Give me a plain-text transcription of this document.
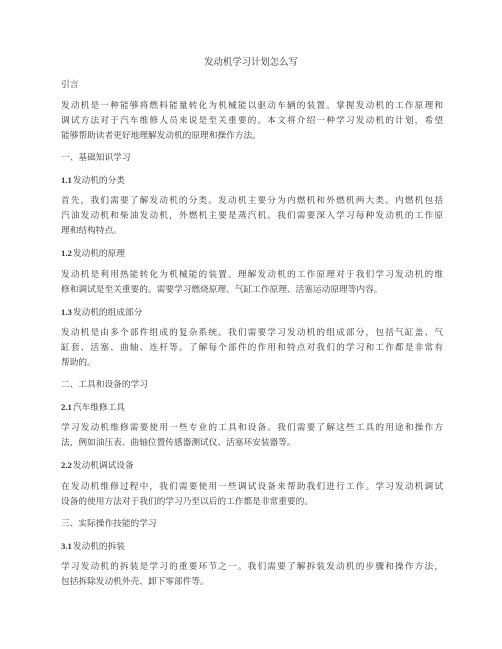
发动机学习计划怎么写
引言
发动机是一种能够将燃料能量转化为机械能以驱动车辆的装置。掌握发动机的工作原理和
调试方法对于汽车维修人员来说是至关重要的。本文将介绍一种学习发动机的计划，希望
能够帮助读者更好地理解发动机的原理和操作方法。
一、基础知识学习
1.1发动机的分类
首先，我们需要了解发动机的分类。发动机主要分为内燃机和外燃机两大类。内燃机包括
汽油发动机和柴油发动机，外燃机主要是蒸汽机。我们需要深入学习每种发动机的工作原
理和结构特点。
1.2发动机的原理
发动机是利用热能转化为机械能的装置。理解发动机的工作原理对于我们学习发动机的维
修和调试是至关重要的。需要学习燃烧原理、气缸工作原理、活塞运动原理等内容。
1.3发动机的组成部分
发动机是由多个部件组成的复杂系统。我们需要学习发动机的组成部分，包括气缸盖、气
缸套、活塞、曲轴、连杆等。了解每个部件的作用和特点对我们的学习和工作都是非常有
帮助的。
二、工具和设备的学习
2.1汽车维修工具
学习发动机维修需要使用一些专业的工具和设备。我们需要了解这些工具的用途和操作方
法，例如油压表、曲轴位置传感器测试仪、活塞环安装器等。
2.2发动机调试设备
在发动机维修过程中，我们需要使用一些调试设备来帮助我们进行工作。学习发动机调试
设备的使用方法对于我们的学习乃至以后的工作都是非常重要的。
三、实际操作技能的学习
3.1发动机的拆装
学习发动机的拆装是学习的重要环节之一。我们需要了解拆装发动机的步骤和操作方法，
包括拆除发动机外壳、卸下零部件等。
